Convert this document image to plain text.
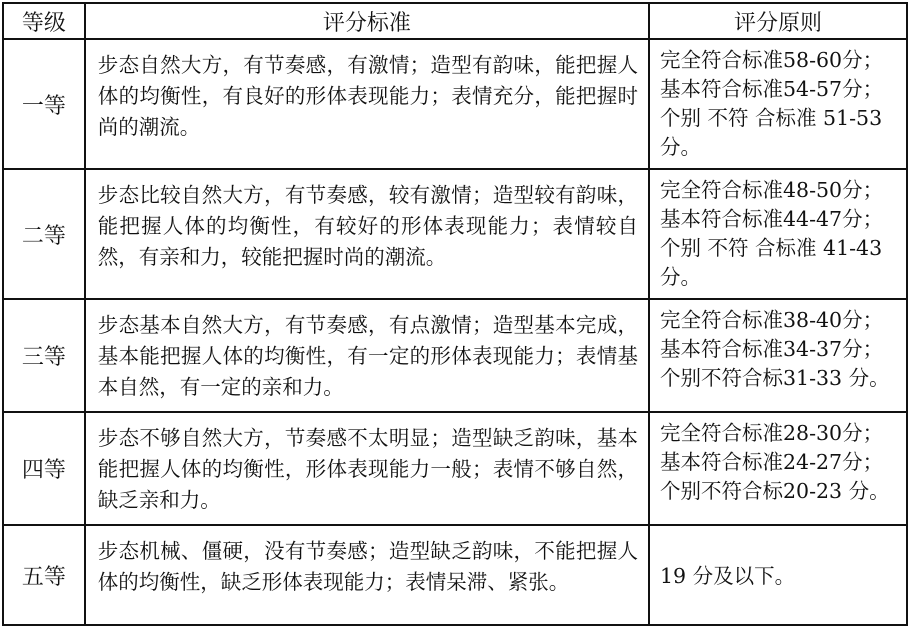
等级	评分标准	评分原则
一等	步态自然大方，有节奏感，有激情；造型有韵味，能把握人体的均衡性，有良好的形体表现能力；表情充分，能把握时尚的潮流。	完全符合标准58-60分；
基本符合标准54-57分；
个别 不符 合标准 51-53
分。

二等	步态比较自然大方，有节奏感，较有激情；造型较有韵味，能把握人体的均衡性，有较好的形体表现能力；表情较自然，有亲和力，较能把握时尚的潮流。	完全符合标准48-50分；
基本符合标准44-47分；
个别 不符 合标准 41-43
分。

三等	步态基本自然大方，有节奏感，有点激情；造型基本完成，基本能把握人体的均衡性，有一定的形体表现能力；表情基本自然，有一定的亲和力。	完全符合标准38-40分；
基本符合标准34-37分；
个别不符合标31-33 分。

四等	步态不够自然大方，节奏感不太明显；造型缺乏韵味，基本能把握人体的均衡性，形体表现能力一般；表情不够自然，缺乏亲和力。	完全符合标准28-30分；
基本符合标准24-27分；
个别不符合标20-23 分。

五等	步态机械、僵硬，没有节奏感；造型缺乏韵味，不能把握人体的均衡性，缺乏形体表现能力；表情呆滞、紧张。	19 分及以下。
